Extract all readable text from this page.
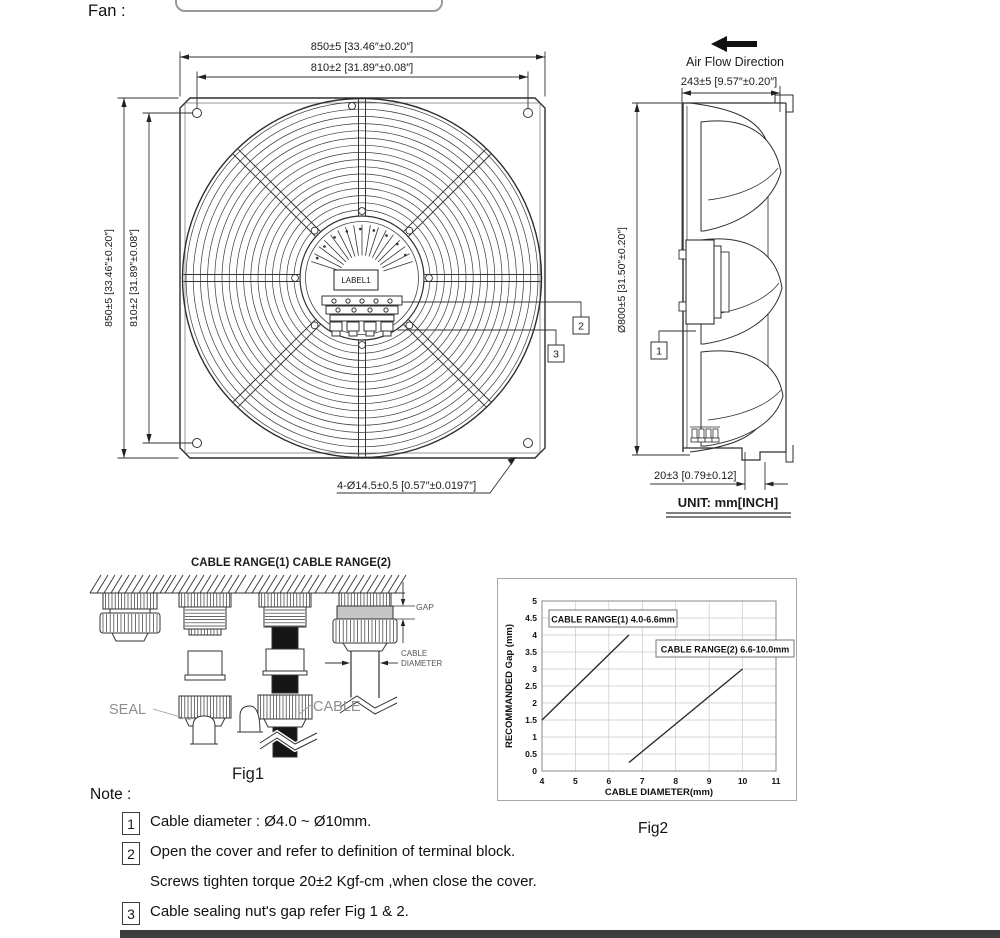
Fan :
LABEL1
850±5 [33.46″±0.20″]
810±2 [31.89″±0.08″]
850±5 [33.46″±0.20″] 810±2 [31.89″±0.08″]
4-Ø14.5±0.5 [0.57″±0.0197″]
2
3
Air Flow Direction
243±5 [9.57″±0.20″]
Ø800±5 [31.50″±0.20″]
20±3 [0.79±0.12]
1
UNIT: mm[INCH]
CABLE RANGE(1) CABLE RANGE(2)
GAP
CABLE
DIAMETER
SEAL	CABLE
Fig1	4	5	6	7	8	9	10	11
0
0.5
1
1.5
2
2.5
3
3.5
4
4.5
5
CABLE RANGE(1) 4.0-6.6mm
CABLE RANGE(2) 6.6-10.0mm
CABLE DIAMETER(mm)
RECOMMANDED Gap (mm)
Fig2
Note :
1	Cable diameter : Ø4.0 ~ Ø10mm.
2	Open the cover and refer to definition of terminal block.
Screws tighten torque 20±2 Kgf-cm ,when close the cover.
3	Cable sealing nut's gap refer Fig 1 & 2.
